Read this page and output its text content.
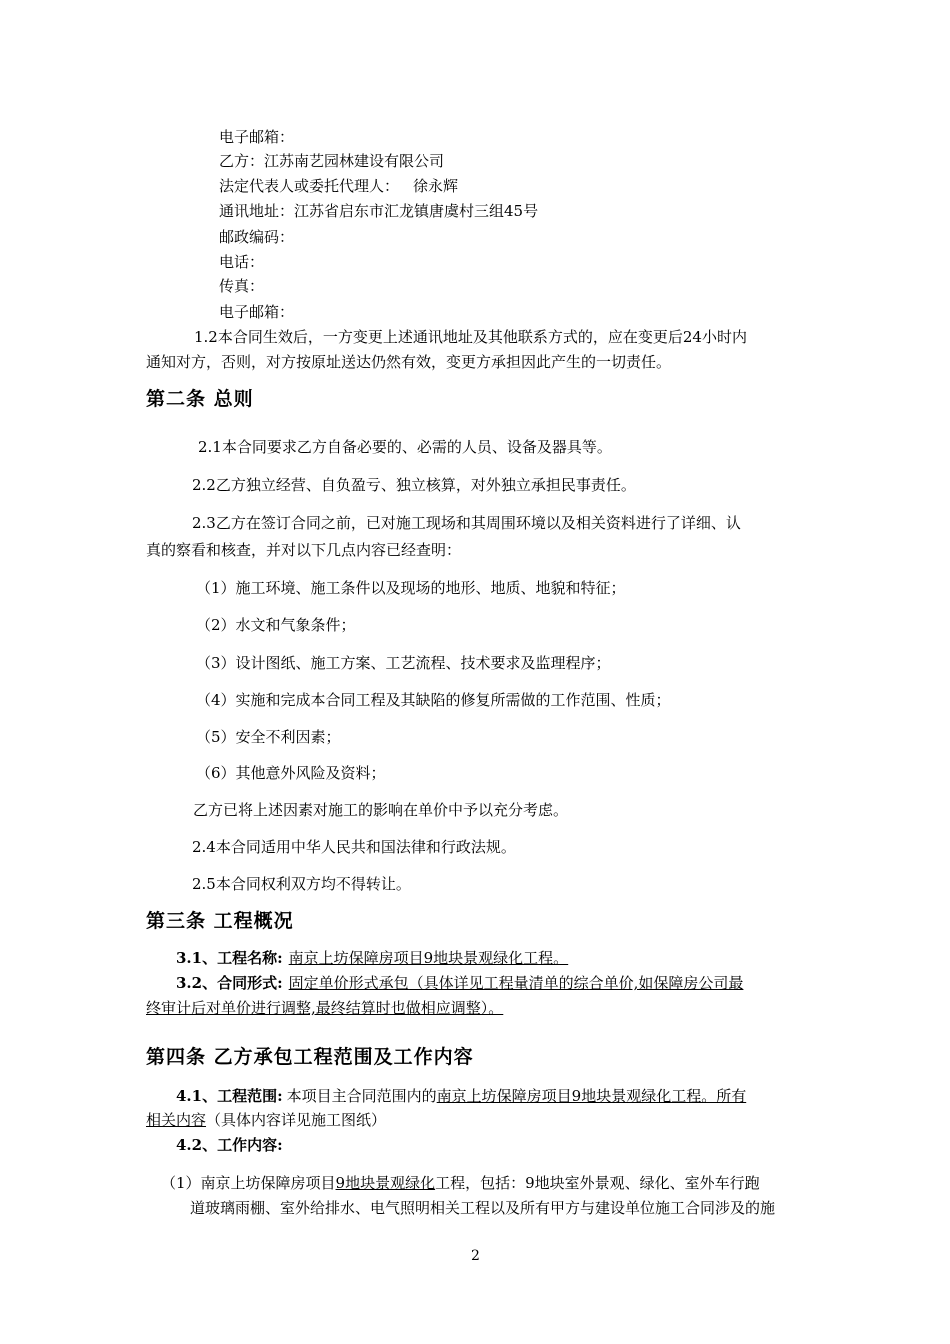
电子邮箱：
乙方：江苏南艺园林建设有限公司
法定代表人或委托代理人： 徐永辉
通讯地址：江苏省启东市汇龙镇唐虞村三组45号
邮政编码：
电话：
传真：
电子邮箱：
1.2本合同生效后，一方变更上述通讯地址及其他联系方式的，应在变更后24小时内
通知对方，否则，对方按原址送达仍然有效，变更方承担因此产生的一切责任。
第二条 总则
2.1本合同要求乙方自备必要的、必需的人员、设备及器具等。
2.2乙方独立经营、自负盈亏、独立核算，对外独立承担民事责任。
2.3乙方在签订合同之前，已对施工现场和其周围环境以及相关资料进行了详细、认
真的察看和核查，并对以下几点内容已经查明：
（1）施工环境、施工条件以及现场的地形、地质、地貌和特征；
（2）水文和气象条件；
（3）设计图纸、施工方案、工艺流程、技术要求及监理程序；
（4）实施和完成本合同工程及其缺陷的修复所需做的工作范围、性质；
（5）安全不利因素；
（6）其他意外风险及资料；
乙方已将上述因素对施工的影响在单价中予以充分考虑。
2.4本合同适用中华人民共和国法律和行政法规。
2.5本合同权利双方均不得转让。
第三条 工程概况
3.1、工程名称: 南京上坊保障房项目9地块景观绿化工程。
3.2、合同形式: 固定单价形式承包（具体详见工程量清单的综合单价,如保障房公司最
终审计后对单价进行调整,最终结算时也做相应调整）。
第四条 乙方承包工程范围及工作内容
4.1、工程范围: 本项目主合同范围内的南京上坊保障房项目9地块景观绿化工程。所有
相关内容（具体内容详见施工图纸）
4.2、工作内容:
（1）南京上坊保障房项目9地块景观绿化工程，包括：9地块室外景观、绿化、室外车行跑
道玻璃雨棚、室外给排水、电气照明相关工程以及所有甲方与建设单位施工合同涉及的施
2
